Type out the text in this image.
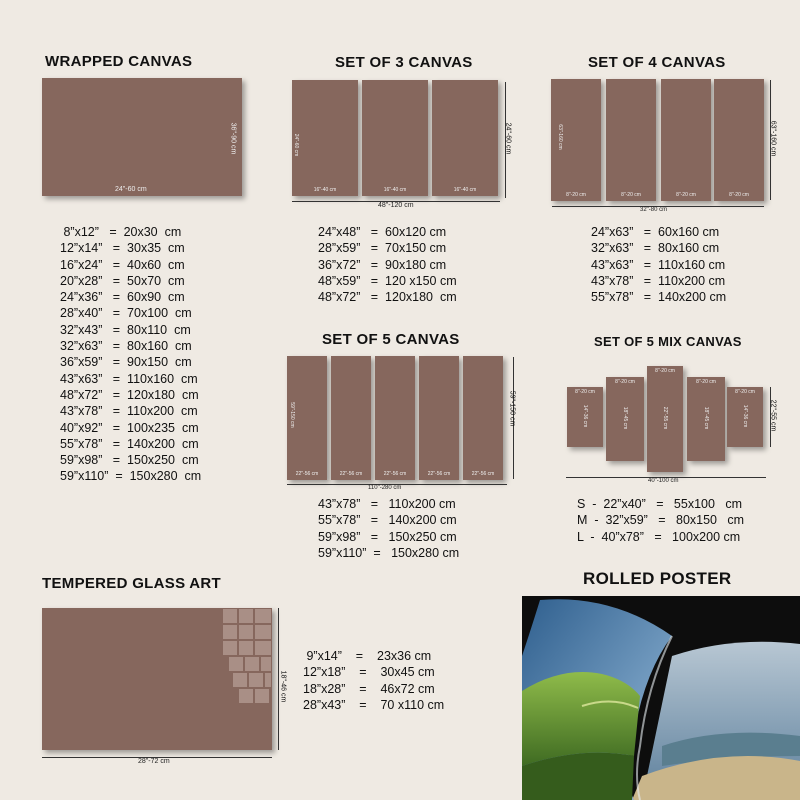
WRAPPED CANVAS
24"-60 cm
36"-90 cm
8”x12”   =  20x30  cm
12”x14”   =  30x35  cm
16”x24”   =  40x60  cm
20”x28”   =  50x70  cm
24”x36”   =  60x90  cm
28”x40”   =  70x100  cm
32”x43”   =  80x110  cm
32”x63”   =  80x160  cm
36”x59”   =  90x150  cm
43”x63”   =  110x160  cm
48”x72”   =  120x180  cm
43”x78”   =  110x200  cm
40”x92”   =  100x235  cm
55”x78”   =  140x200  cm
59”x98”   =  150x250  cm
59”x110”  =  150x280  cm
SET OF 3 CANVAS
16"-40 cm	16"-40 cm	16"-40 cm
48"-120 cm
24"-60 cm
24"-60 cm
24”x48”   =  60x120 cm
28”x59”   =  70x150 cm
36”x72”   =  90x180 cm
48”x59”   =  120 x150 cm
48”x72”   =  120x180  cm
SET OF 4 CANVAS
8"-20 cm	8"-20 cm	8"-20 cm	8"-20 cm
32"-80 cm
63"-160 cm
63"-160 cm
24”x63”   =  60x160 cm
32”x63”   =  80x160 cm
43”x63”   =  110x160 cm
43”x78”   =  110x200 cm
55”x78”   =  140x200 cm
SET OF 5 CANVAS
22"-56 cm	22"-56 cm	22"-56 cm	22"-56 cm	22"-56 cm
110"-280 cm
59"-150 cm
59"-150 cm
43”x78”   =   110x200 cm
55”x78”   =   140x200 cm
59”x98”   =   150x250 cm
59”x110”  =   150x280 cm
SET OF 5 MIX CANVAS
8"-20 cm
14"-36 cm
8"-20 cm
18"-45 cm
8"-20 cm
22"-55 cm
8"-20 cm
18"-45 cm
8"-20 cm
14"-36 cm
40"-100 cm
22"-55 cm
S  -  22”x40”   =   55x100   cm
M  -  32”x59”   =   80x150   cm
L  -  40”x78”   =   100x200 cm
TEMPERED GLASS ART
28"-72 cm
18"-46 cm
9”x14”    =    23x36 cm
12”x18”    =    30x45 cm
18”x28”    =    46x72 cm
28”x43”    =    70 x110 cm
ROLLED POSTER
